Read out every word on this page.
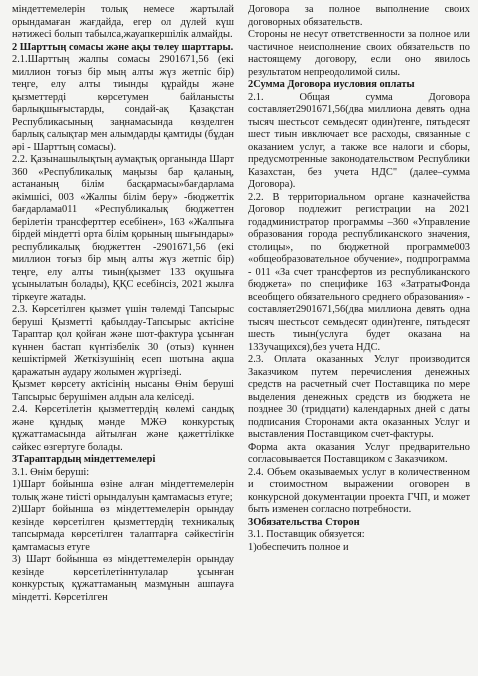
міндеттемелерін толық немесе жартылай орындамаған жағдайда, егер ол дүлей күш нәтижесі болып табылса,жауапкершілік алмайды.

2 Шарттың сомасы және ақы төлеу шарттары.

2.1.Шарттың жалпы сомасы 2901671,56 (екі миллион тоғыз бір мың алты жүз жетпіс бір) теңге, елу алты тиынды құрайды және қызметтерді көрсетумен байланысты барлықшығыстарды, сондай-ақ Қазақстан Республикасының заңнамасында көзделген барлық салықтар мен алымдарды қамтиды (бұдан әрі - Шарттың сомасы).

2.2. Қазынашылықтың аумақтық органында Шарт 360 «Республикалық маңызы бар қаланың, астананың білім басқармасы»бағдарлама әкімшісі, 003 «Жалпы білім беру» -бюджеттік бағдарлама011 «Республикалық бюджеттен берілетін трансферттер есебінен», 163 «Жалпыға бірдей міндетті орта білім қорының шығындары» республикалық бюджеттен -2901671,56 (екі миллион тоғыз бір мың алты жүз жетпіс бір) теңге, елу алты тиын(қызмет 133 оқушыға ұсынылатын болады), ҚҚС есебінсіз, 2021 жылға тіркеуге жатады.

2.3. Көрсетілген қызмет үшін төлемді Тапсырыс беруші Қызметті қабылдау-Тапсырыс актісіне Тараптар қол қойған және шот-фактура ұсынған күннен бастап күнтізбелік 30 (отыз) күннен кешіктірмей Жеткізушінің есеп шотына ақша қаражатын аудару жолымен жүргізеді.

Қызмет көрсету актісінің нысаны Өнім беруші Тапсырыс берушімен алдын ала келіседі.

2.4. Көрсетілетін қызметтердің көлемі сандық және құндық мәнде МЖӘ конкурстық құжаттамасында айтылған және қажеттілікке сәйкес өзгертуге болады.

3Тараптардың міндеттемелері

3.1. Өнім беруші:

1)Шарт бойынша өзіне алған міндеттемелерін толық және тиісті орындалуын қамтамасыз етуге;

2)Шарт бойынша өз міндеттемелерін орындау кезінде көрсетілген қызметтердің техникалық тапсырмада көрсетілген талаптарға сәйкестігін қамтамасыз етуге

3) Шарт бойынша өз міндеттемелерін орындау кезінде көрсетілетіннтулалар ұсынған конкурстық құжаттаманың мазмұнын ашпауға міндетті. Көрсетілген

Договора за полное выполнение своих договорных обязательств.

Стороны не несут ответственности за полное или частичное неисполнение своих обязательств по настоящему договору, если оно явилось результатом непреодолимой силы.

2Сумма Договора иусловия оплаты

2.1. Общая сумма Договора составляет2901671,56(два миллиона девять одна тысяч шестьсот семьдесят один)тенге, пятьдесят шест тиын ивключает все расходы, связанные с оказанием услуг, а также все налоги и сборы, предусмотренные законодательством Республики Казахстан, без учета НДС" (далее–сумма Договора).

2.2. В территориальном органе казначейства Договор подлежит регистрации на 2021 годадминистратор программы –360 «Управление образования города республиканского значения, столицы», по бюджетной программе003 «общеобразовательное обучение», подпрограмма - 011 «За счет трансфертов из республиканского бюджета» по спецификe 163 «ЗатратыФонда всеобщего обязательного среднего образования» - составляет2901671,56(два миллиона девять одна тысяч шестьсот семьдесят один)тенге, пятьдесят шесть тиын(услуга будет оказана на 133учащихся),без учета НДС.

2.3. Оплата оказанных Услуг производится Заказчиком путем перечисления денежных средств на расчетный счет Поставщика по мере выделения денежных средств из бюджета не позднее 30 (тридцати) календарных дней с даты подписания Сторонами акта оказанных Услуг и выставления Поставщиком счет-фактуры.

Форма акта оказания Услуг предварительно согласовывается Поставщиком с Заказчиком.

2.4. Объем оказываемых услуг в количественном и стоимостном выражении оговорен в конкурсной документации проекта ГЧП, и может быть изменен согласно потребности.

3Обязательства Сторон

3.1. Поставщик обязуется:

1)обеспечить полное и
